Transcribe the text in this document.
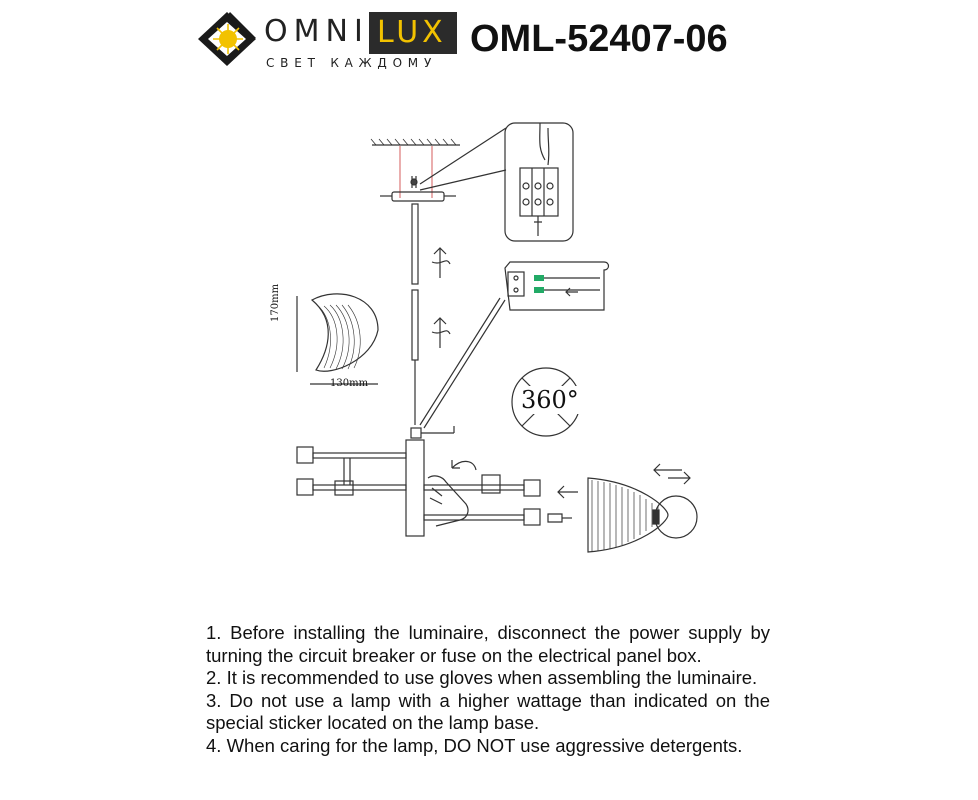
OMNI LUX
СВЕТ КАЖДОМУ
OML-52407-06
170mm
130mm
360°

1. Before installing the luminaire, disconnect the power supply by turning the circuit breaker or fuse on the electrical panel box.

2. It is recommended to use gloves when assembling the luminaire.

3. Do not use a lamp with a higher wattage than indicated on the special sticker located on the lamp base.

4. When caring for the lamp, DO NOT use aggressive detergents.
